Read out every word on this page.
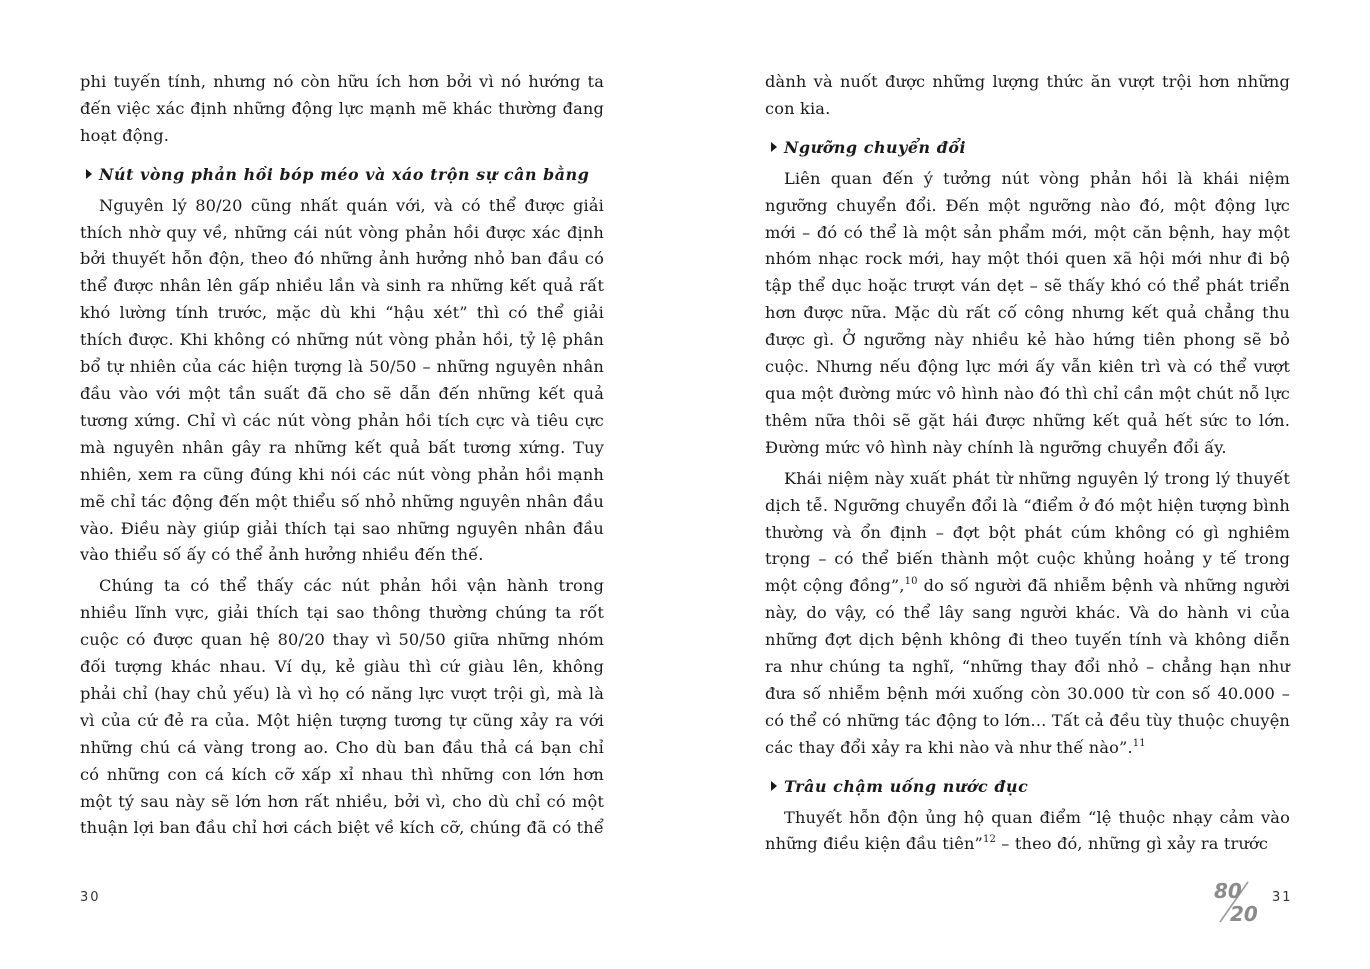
phi tuyến tính, nhưng nó còn hữu ích hơn bởi vì nó hướng ta đến việc xác định những động lực mạnh mẽ khác thường đang hoạt động.

Nút vòng phản hồi bóp méo và xáo trộn sự cân bằng

Nguyên lý 80/20 cũng nhất quán với, và có thể được giải thích nhờ quy về, những cái nút vòng phản hồi được xác định bởi thuyết hỗn độn, theo đó những ảnh hưởng nhỏ ban đầu có thể được nhân lên gấp nhiều lần và sinh ra những kết quả rất khó lường tính trước, mặc dù khi “hậu xét” thì có thể giải thích được. Khi không có những nút vòng phản hồi, tỷ lệ phân bổ tự nhiên của các hiện tượng là 50/50 – những nguyên nhân đầu vào với một tần suất đã cho sẽ dẫn đến những kết quả tương xứng. Chỉ vì các nút vòng phản hồi tích cực và tiêu cực mà nguyên nhân gây ra những kết quả bất tương xứng. Tuy nhiên, xem ra cũng đúng khi nói các nút vòng phản hồi mạnh mẽ chỉ tác động đến một thiểu số nhỏ những nguyên nhân đầu vào. Điều này giúp giải thích tại sao những nguyên nhân đầu vào thiểu số ấy có thể ảnh hưởng nhiều đến thế.

Chúng ta có thể thấy các nút phản hồi vận hành trong nhiều lĩnh vực, giải thích tại sao thông thường chúng ta rốt cuộc có được quan hệ 80/20 thay vì 50/50 giữa những nhóm đối tượng khác nhau. Ví dụ, kẻ giàu thì cứ giàu lên, không phải chỉ (hay chủ yếu) là vì họ có năng lực vượt trội gì, mà là vì của cứ đẻ ra của. Một hiện tượng tương tự cũng xảy ra với những chú cá vàng trong ao. Cho dù ban đầu thả cá bạn chỉ có những con cá kích cỡ xấp xỉ nhau thì những con lớn hơn một tý sau này sẽ lớn hơn rất nhiều, bởi vì, cho dù chỉ có một thuận lợi ban đầu chỉ hơi cách biệt về kích cỡ, chúng đã có thể

30

dành và nuốt được những lượng thức ăn vượt trội hơn những con kia.

Ngưỡng chuyển đổi

Liên quan đến ý tưởng nút vòng phản hồi là khái niệm ngưỡng chuyển đổi. Đến một ngưỡng nào đó, một động lực mới – đó có thể là một sản phẩm mới, một căn bệnh, hay một nhóm nhạc rock mới, hay một thói quen xã hội mới như đi bộ tập thể dục hoặc trượt ván dẹt – sẽ thấy khó có thể phát triển hơn được nữa. Mặc dù rất cố công nhưng kết quả chẳng thu được gì. Ở ngưỡng này nhiều kẻ hào hứng tiên phong sẽ bỏ cuộc. Nhưng nếu động lực mới ấy vẫn kiên trì và có thể vượt qua một đường mức vô hình nào đó thì chỉ cần một chút nỗ lực thêm nữa thôi sẽ gặt hái được những kết quả hết sức to lớn. Đường mức vô hình này chính là ngưỡng chuyển đổi ấy.

Khái niệm này xuất phát từ những nguyên lý trong lý thuyết dịch tễ. Ngưỡng chuyển đổi là “điểm ở đó một hiện tượng bình thường và ổn định – đợt bột phát cúm không có gì nghiêm trọng – có thể biến thành một cuộc khủng hoảng y tế trong một cộng đồng”,$^{10}$ do số người đã nhiễm bệnh và những người này, do vậy, có thể lây sang người khác. Và do hành vi của những đợt dịch bệnh không đi theo tuyến tính và không diễn ra như chúng ta nghĩ, “những thay đổi nhỏ – chẳng hạn như đưa số nhiễm bệnh mới xuống còn 30.000 từ con số 40.000 – có thể có những tác động to lớn... Tất cả đều tùy thuộc chuyện các thay đổi xảy ra khi nào và như thế nào”.$^{11}$

Trâu chậm uống nước đục

Thuyết hỗn độn ủng hộ quan điểm “lệ thuộc nhạy cảm vào những điều kiện đầu tiên”$^{12}$ – theo đó, những gì xảy ra trước

80
20
31
